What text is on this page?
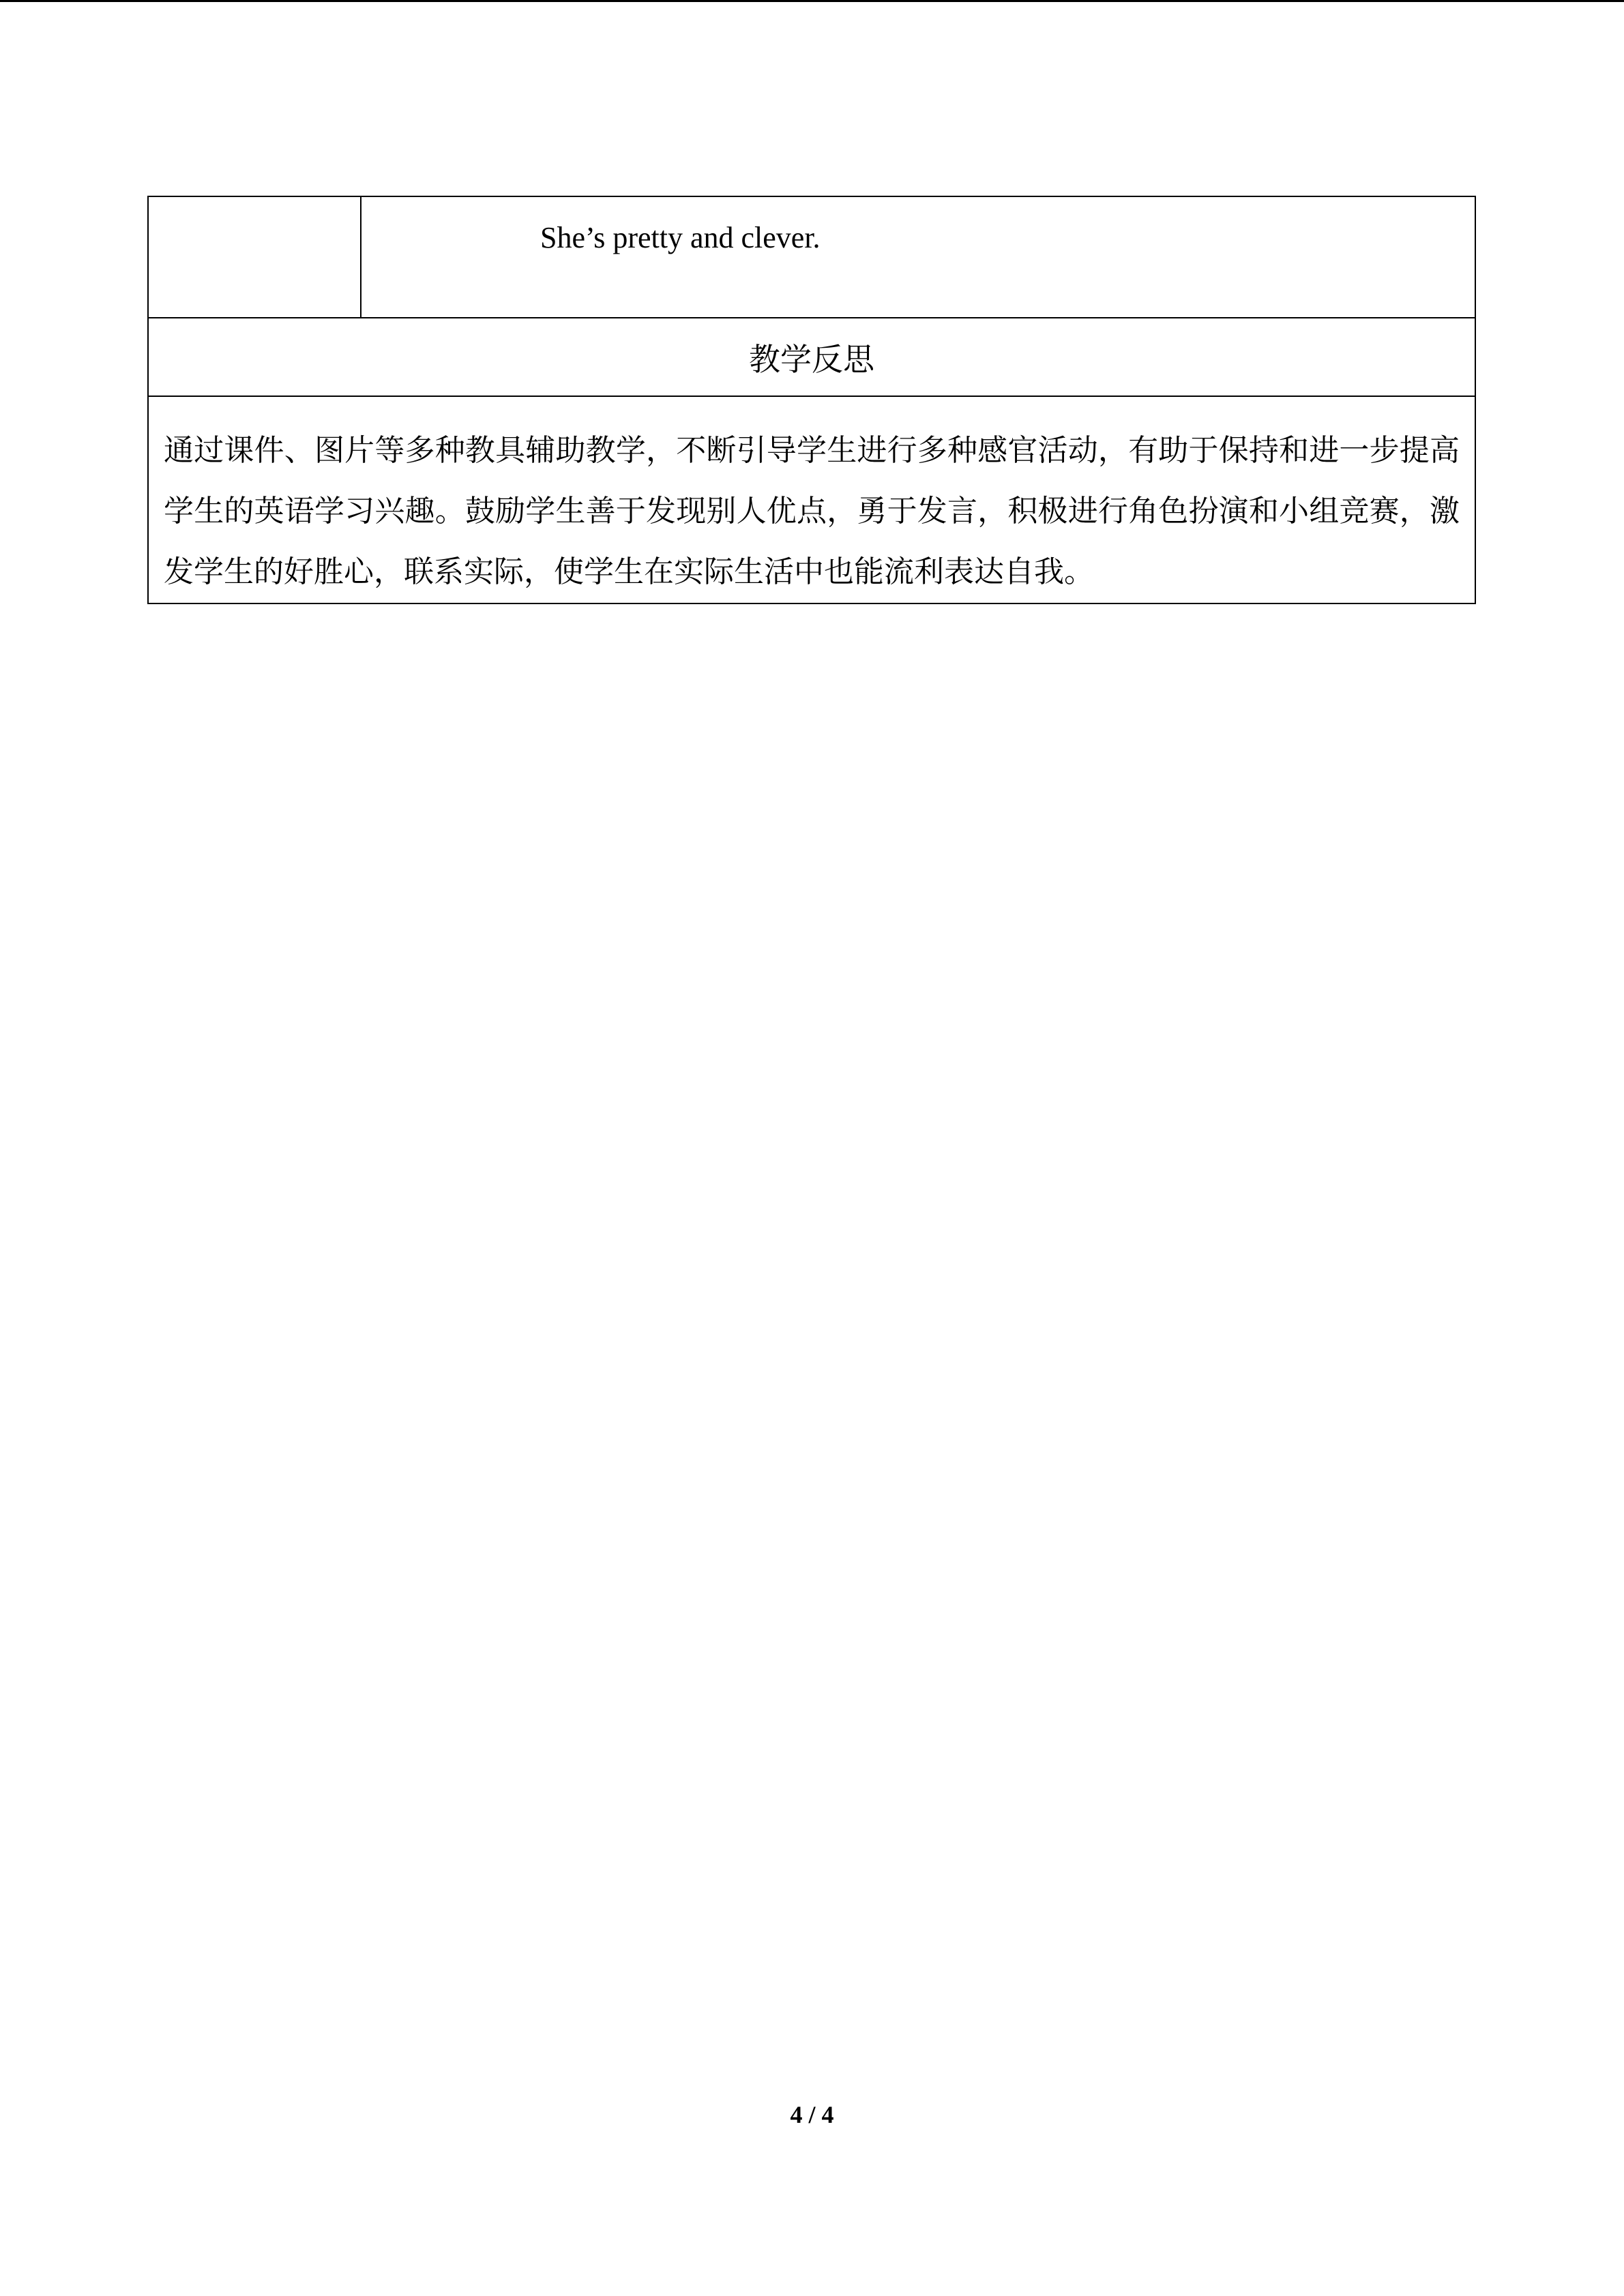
She’s pretty and clever.

教学反思

通过课件、图片等多种教具辅助教学，不断引导学生进行多种感官活动，有助于保持和进一步提高学生的英语学习兴趣。鼓励学生善于发现别人优点，勇于发言，积极进行角色扮演和小组竞赛，激发学生的好胜心，联系实际，使学生在实际生活中也能流利表达自我。

4 / 4
